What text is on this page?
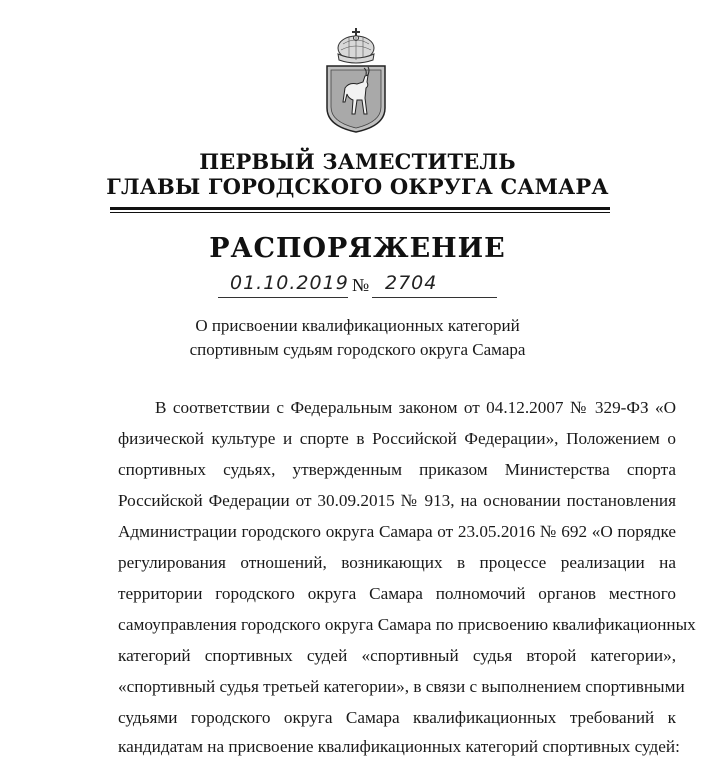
ПЕРВЫЙ ЗАМЕСТИТЕЛЬ
ГЛАВЫ ГОРОДСКОГО ОКРУГА САМАРА
РАСПОРЯЖЕНИЕ
01.10.2019 № 2704
О присвоении квалификационных категорий
спортивным судьям городского округа Самара
В соответствии с Федеральным законом от 04.12.2007 № 329-ФЗ «О
физической культуре и спорте в Российской Федерации», Положением о
спортивных судьях, утвержденным приказом Министерства спорта
Российской Федерации от 30.09.2015 № 913, на основании постановления
Администрации городского округа Самара от 23.05.2016 № 692 «О порядке
регулирования отношений, возникающих в процессе реализации на
территории городского округа Самара полномочий органов местного
самоуправления городского округа Самара по присвоению квалификационных
категорий спортивных судей «спортивный судья второй категории»,
«спортивный судья третьей категории», в связи с выполнением спортивными
судьями городского округа Самара квалификационных требований к
кандидатам на присвоение квалификационных категорий спортивных судей:
